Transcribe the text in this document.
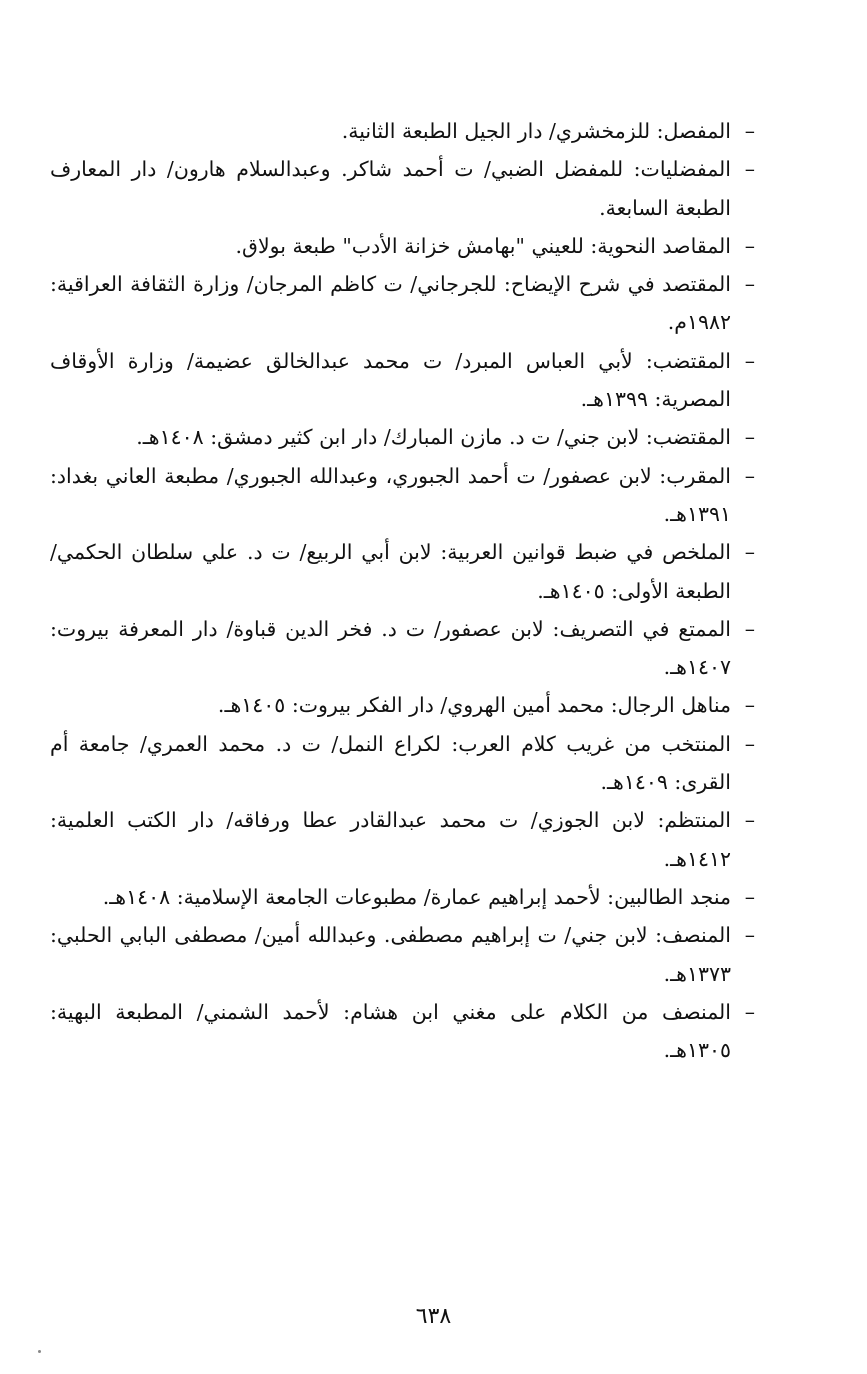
–
المفصل: للزمخشري/ دار الجيل الطبعة الثانية.
–
المفضليات: للمفضل الضبي/ ت أحمد شاكر. وعبدالسلام هارون/ دار المعارف الطبعة السابعة.
–
المقاصد النحوية: للعيني "بهامش خزانة الأدب" طبعة بولاق.
–
المقتصد في شرح الإيضاح: للجرجاني/ ت كاظم المرجان/ وزارة الثقافة العراقية: ١٩٨٢م.
–
المقتضب: لأبي العباس المبرد/ ت محمد عبدالخالق عضيمة/ وزارة الأوقاف المصرية: ١٣٩٩هـ.
–
المقتضب: لابن جني/ ت د. مازن المبارك/ دار ابن كثير دمشق: ١٤٠٨هـ.
–
المقرب: لابن عصفور/ ت أحمد الجبوري، وعبدالله الجبوري/ مطبعة العاني بغداد: ١٣٩١هـ.
–
الملخص في ضبط قوانين العربية: لابن أبي الربيع/ ت د. علي سلطان الحكمي/ الطبعة الأولى: ١٤٠٥هـ.
–
الممتع في التصريف: لابن عصفور/ ت د. فخر الدين قباوة/ دار المعرفة بيروت: ١٤٠٧هـ.
–
مناهل الرجال: محمد أمين الهروي/ دار الفكر بيروت: ١٤٠٥هـ.
–
المنتخب من غريب كلام العرب: لكراع النمل/ ت د. محمد العمري/ جامعة أم القرى: ١٤٠٩هـ.
–
المنتظم: لابن الجوزي/ ت محمد عبدالقادر عطا ورفاقه/ دار الكتب العلمية: ١٤١٢هـ.
–
منجد الطالبين: لأحمد إبراهيم عمارة/ مطبوعات الجامعة الإسلامية: ١٤٠٨هـ.
–
المنصف: لابن جني/ ت إبراهيم مصطفى. وعبدالله أمين/ مصطفى البابي الحلبي: ١٣٧٣هـ.
–
المنصف من الكلام على مغني ابن هشام: لأحمد الشمني/ المطبعة البهية: ١٣٠٥هـ.
٦٣٨
